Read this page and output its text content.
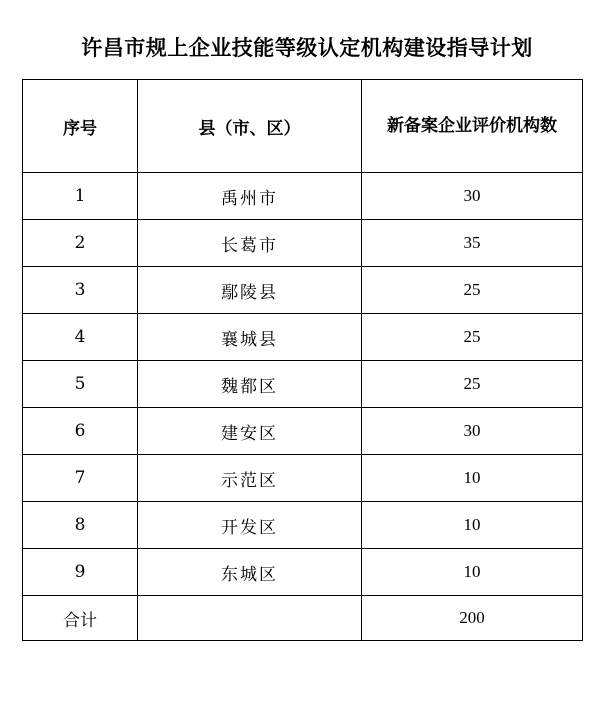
许昌市规上企业技能等级认定机构建设指导计划
序号	县（市、区）	新备案企业评价机构数
1	禹州市	30
2	长葛市	35
3	鄢陵县	25
4	襄城县	25
5	魏都区	25
6	建安区	30
7	示范区	10
8	开发区	10
9	东城区	10
合计		200
